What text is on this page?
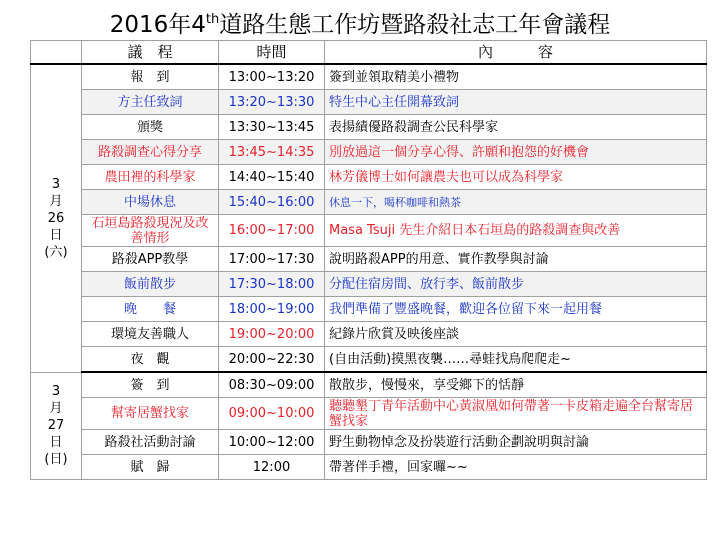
2016年4th道路生態工作坊暨路殺社志工年會議程
	議　程	時間	內　　　容
3
月
26
日
(六)	報　到	13:00~13:20	簽到並領取精美小禮物
	方主任致詞	13:20~13:30	特生中心主任開幕致詞
	頒獎	13:30~13:45	表揚績優路殺調查公民科學家
	路殺調查心得分享	13:45~14:35	別放過這一個分享心得、許願和抱怨的好機會
	農田裡的科學家	14:40~15:40	林芳儀博士如何讓農夫也可以成為科學家
	中場休息	15:40~16:00	休息一下，喝杯咖啡和熱茶
	石垣島路殺現況及改善情形	16:00~17:00	Masa Tsuji 先生介紹日本石垣島的路殺調查與改善
	路殺APP教學	17:00~17:30	說明路殺APP的用意、實作教學與討論
	飯前散步	17:30~18:00	分配住宿房間、放行李、飯前散步
	晚　　餐	18:00~19:00	我們準備了豐盛晚餐，歡迎各位留下來一起用餐
	環境友善職人	19:00~20:00	紀錄片欣賞及映後座談
	夜　觀	20:00~22:30	(自由活動)摸黑夜襲……尋蛙找鳥爬爬走~
3
月
27
日
(日)	簽　到	08:30~09:00	散散步，慢慢來，享受鄉下的恬靜
	幫寄居蟹找家	09:00~10:00	聽聽墾丁青年活動中心黃淑凰如何帶著一卡皮箱走遍全台幫寄居蟹找家
	路殺社活動討論	10:00~12:00	野生動物悼念及扮裝遊行活動企劃說明與討論
	賦　歸	12:00	帶著伴手禮，回家囉~~
